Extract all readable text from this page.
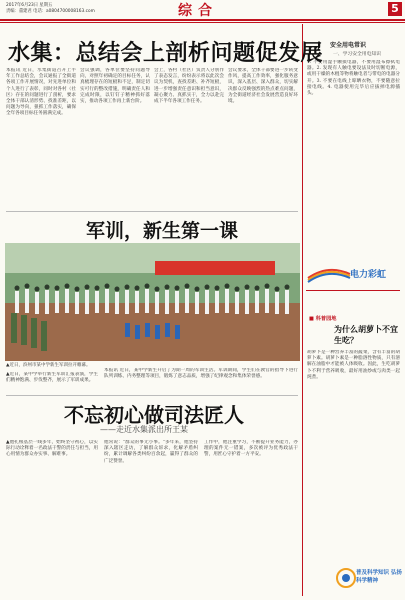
2017年6月23日 星期五
责编：董建君 电话：a0804700008163.com	综合	5
水集：总结会上剖析问题促发展
本报讯 近日，水集街道召开上半年工作总结会，会议通报了全街道各项工作开展情况，对先进单位和个人进行了表彰，同时对各村（社区）存在的问题进行了剖析，要求全体干部认清形势、找准差距，以问题为导向，狠抓工作落实，确保全年各项目标任务圆满完成。
会议强调，各单位要坚持问题导向，对照年初确定的目标任务，认真梳理存在的短板和不足，制定切实可行的整改措施，明确责任人和完成时限，以钉钉子精神抓好落实，推动各项工作再上新台阶。
会上，各村（社区）负责人分别作了表态发言，纷纷表示将以此次会议为契机，查找差距、补齐短板，进一步增强责任意识和担当意识，凝心聚力、真抓实干，全力以赴完成下半年各项工作任务。
会议要求，全体干部要进一步转变作风，提高工作效率，强化服务意识，深入基层、深入群众，切实解决群众反映强烈的热点难点问题，为全街道经济社会发展营造良好环境。
军训，新生第一课
▲近日，滨州市某中学新生军训拉开帷幕。
▲近日，某中学举行新生军训汇报表演，学生们精神饱满、步伐整齐，展示了军训成果。
本报讯 近日，某中学新生开启了为期一周的军训生活。军训期间，学生们在教官的指导下进行队列训练、内务整理等项目，锻炼了意志品质，增强了纪律观念和集体荣誉感。
不忘初心做司法匠人
——走近水集派出所王某
▲他扎根基层一线多年，始终坚守初心，以实际行动诠释着一名政法干警的责任与担当，用心用情为群众办实事、解难事。
他常说："群众的事无小事。"多年来，他坚持深入辖区走访，了解群众诉求，化解矛盾纠纷，累计调解各类纠纷百余起，赢得了群众的广泛赞誉。
工作中，他注重学习，不断提升业务能力，办理的案件无一错案，多次被评为优秀政法干警，用匠心守护着一方平安。
安全用电常识
一、学习安全用电知识
1. 不要用湿手触摸电器，不要用湿布擦拭电器。2. 发现有人触电要设法及时切断电源，或用干燥的木棍等物将触电者与带电的电器分开。3. 不要在电线上晾晒衣物，不要随意拉接电线。4. 电器使用完毕后应拔掉电源插头。
电力彩虹
■ 科普园地
为什么胡萝卜不宜生吃？
胡萝卜是一种营养丰富的蔬菜，含有丰富的胡萝卜素。胡萝卜素是一种脂溶性物质，只有溶解在油脂中才能被人体吸收。因此，生吃胡萝卜不利于营养吸收，最好用油炒或与肉类一起炖煮。
普及科学知识 弘扬科学精神
